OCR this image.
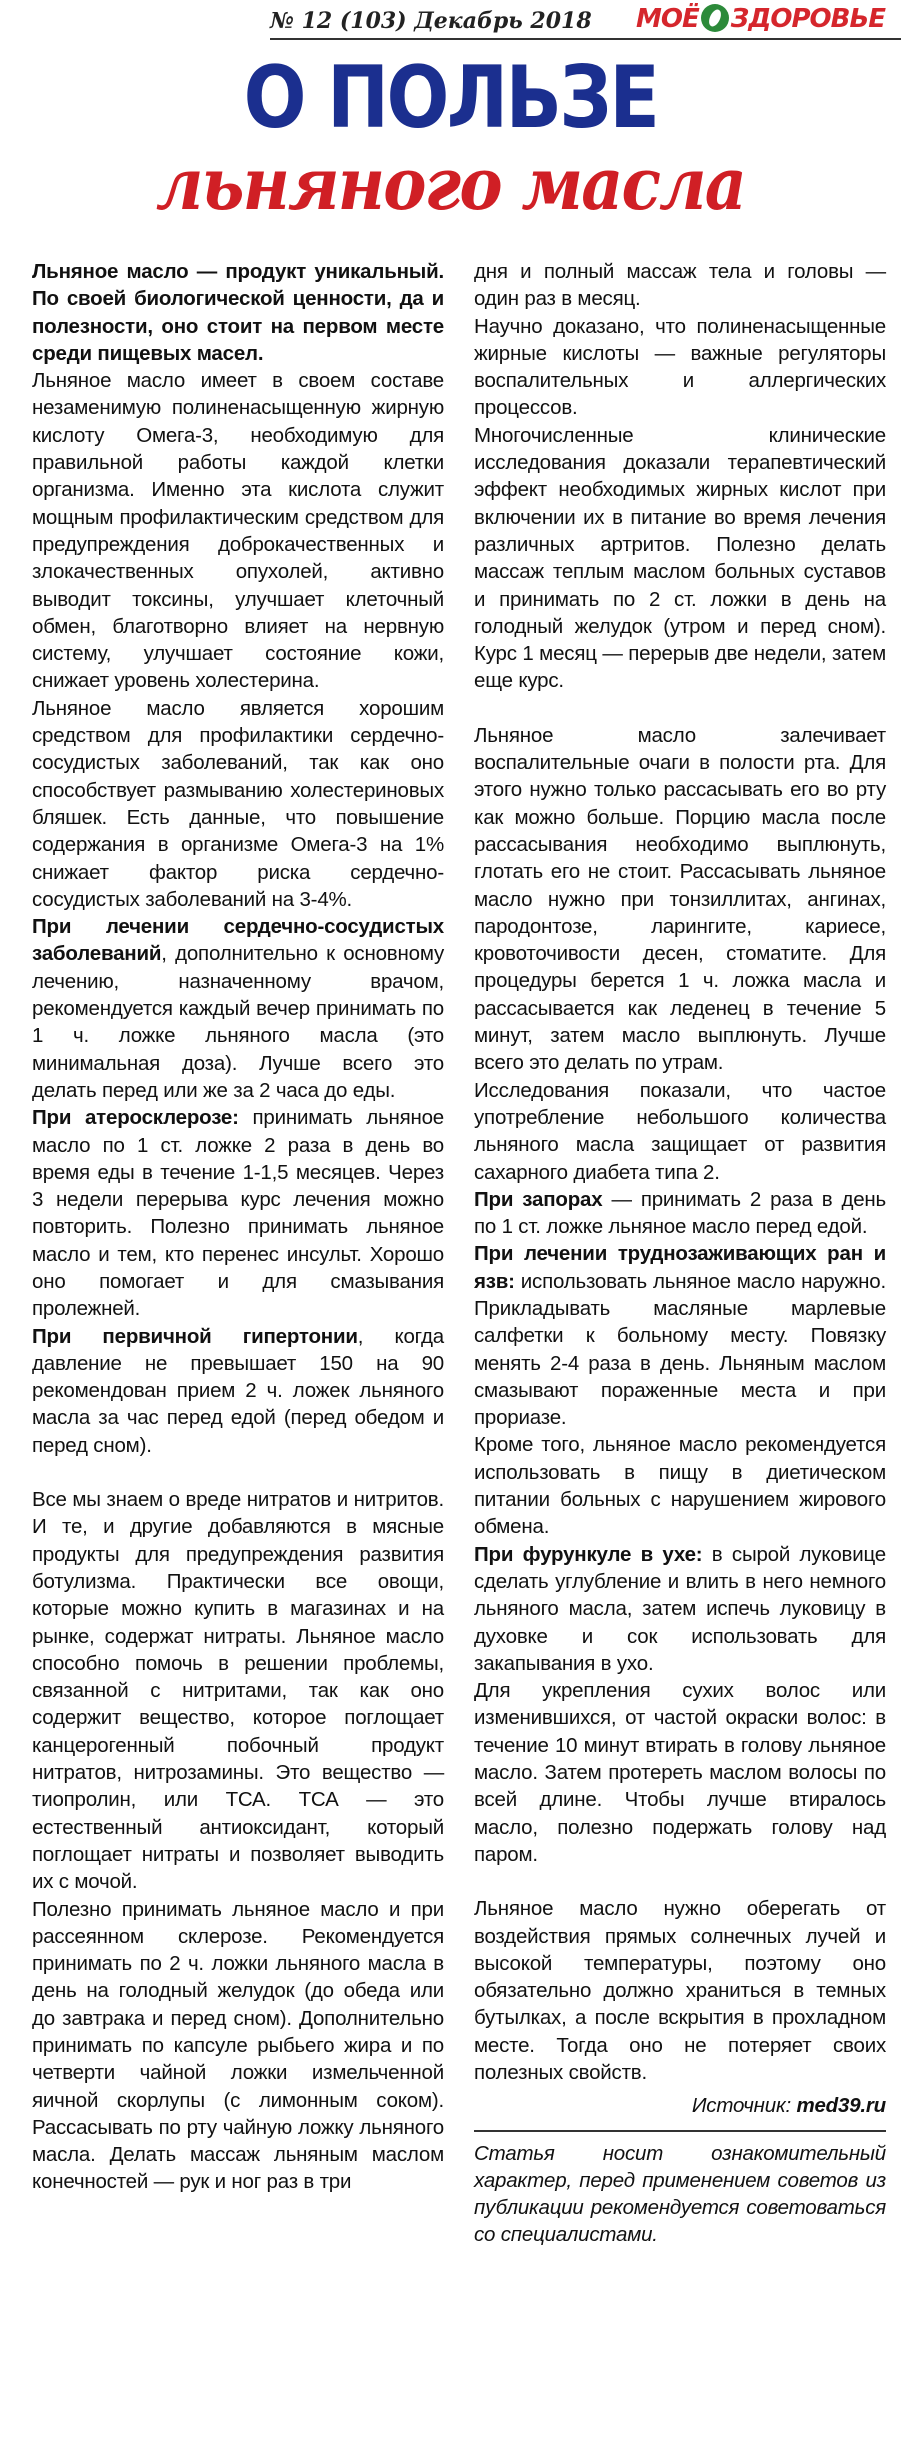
№ 12 (103) Декабрь 2018 МОЁ ЗДОРОВЬЕ
О ПОЛЬЗЕ
льняного масла

Льняное масло — продукт уникальный. По своей биологической ценности, да и полезности, оно стоит на первом месте среди пищевых масел.

Льняное масло имеет в своем составе незаменимую полиненасыщенную жирную кислоту Омега-3, необходимую для правильной работы каждой клетки организма. Именно эта кислота служит мощным профилактическим средством для предупреждения доброкачественных и злокачественных опухолей, активно выводит токсины, улучшает клеточный обмен, благотворно влияет на нервную систему, улучшает состояние кожи, снижает уровень холестерина.

Льняное масло является хорошим средством для профилактики сердечно-сосудистых заболеваний, так как оно способствует размыванию холестериновых бляшек. Есть данные, что повышение содержания в организме Омега-3 на 1% снижает фактор риска сердечно-сосудистых заболеваний на 3-4%.

При лечении сердечно-сосудистых заболеваний, дополнительно к основному лечению, назначенному врачом, рекомендуется каждый вечер принимать по 1 ч. ложке льняного масла (это минимальная доза). Лучше всего это делать перед или же за 2 часа до еды.

При атеросклерозе: принимать льняное масло по 1 ст. ложке 2 раза в день во время еды в течение 1-1,5 месяцев. Через 3 недели перерыва курс лечения можно повторить. Полезно принимать льняное масло и тем, кто перенес инсульт. Хорошо оно помогает и для смазывания пролежней.

При первичной гипертонии, когда давление не превышает 150 на 90 рекомендован прием 2 ч. ложек льняного масла за час перед едой (перед обедом и перед сном).

Все мы знаем о вреде нитратов и нитритов. И те, и другие добавляются в мясные продукты для предупреждения развития ботулизма. Практически все овощи, которые можно купить в магазинах и на рынке, содержат нитраты. Льняное масло способно помочь в решении проблемы, связанной с нитритами, так как оно содержит вещество, которое поглощает канцерогенный побочный продукт нитратов, нитрозамины. Это вещество — тиопролин, или ТСА. ТСА — это естественный антиоксидант, который поглощает нитраты и позволяет выводить их с мочой.

Полезно принимать льняное масло и при рассеянном склерозе. Рекомендуется принимать по 2 ч. ложки льняного масла в день на голодный желудок (до обеда или до завтрака и перед сном). Дополнительно принимать по капсуле рыбьего жира и по четверти чайной ложки измельченной яичной скорлупы (с лимонным соком). Рассасывать по рту чайную ложку льняного масла. Делать массаж льняным маслом конечностей — рук и ног раз в три

дня и полный массаж тела и головы — один раз в месяц.

Научно доказано, что полиненасыщенные жирные кислоты — важные регуляторы воспалительных и аллергических процессов.

Многочисленные клинические исследования доказали терапевтический эффект необходимых жирных кислот при включении их в питание во время лечения различных артритов. Полезно делать массаж теплым маслом больных суставов и принимать по 2 ст. ложки в день на голодный желудок (утром и перед сном). Курс 1 месяц — перерыв две недели, затем еще курс.

Льняное масло залечивает воспалительные очаги в полости рта. Для этого нужно только рассасывать его во рту как можно больше. Порцию масла после рассасывания необходимо выплюнуть, глотать его не стоит. Рассасывать льняное масло нужно при тонзиллитах, ангинах, пародонтозе, ларингите, кариесе, кровоточивости десен, стоматите. Для процедуры берется 1 ч. ложка масла и рассасывается как леденец в течение 5 минут, затем масло выплюнуть. Лучше всего это делать по утрам.

Исследования показали, что частое употребление небольшого количества льняного масла защищает от развития сахарного диабета типа 2.

При запорах — принимать 2 раза в день по 1 ст. ложке льняное масло перед едой.

При лечении труднозаживающих ран и язв: использовать льняное масло наружно. Прикладывать масляные марлевые салфетки к больному месту. Повязку менять 2-4 раза в день. Льняным маслом смазывают пораженные места и при прориазе.

Кроме того, льняное масло рекомендуется использовать в пищу в диетическом питании больных с нарушением жирового обмена.

При фурункуле в ухе: в сырой луковице сделать углубление и влить в него немного льняного масла, затем испечь луковицу в духовке и сок использовать для закапывания в ухо.

Для укрепления сухих волос или изменившихся, от частой окраски волос: в течение 10 минут втирать в голову льняное масло. Затем протереть маслом волосы по всей длине. Чтобы лучше втиралось масло, полезно подержать голову над паром.

Льняное масло нужно оберегать от воздействия прямых солнечных лучей и высокой температуры, поэтому оно обязательно должно храниться в темных бутылках, а после вскрытия в прохладном месте. Тогда оно не потеряет своих полезных свойств.

Источник: med39.ru

Статья носит ознакомительный характер, перед применением советов из публикации рекомендуется советоваться со специалистами.
